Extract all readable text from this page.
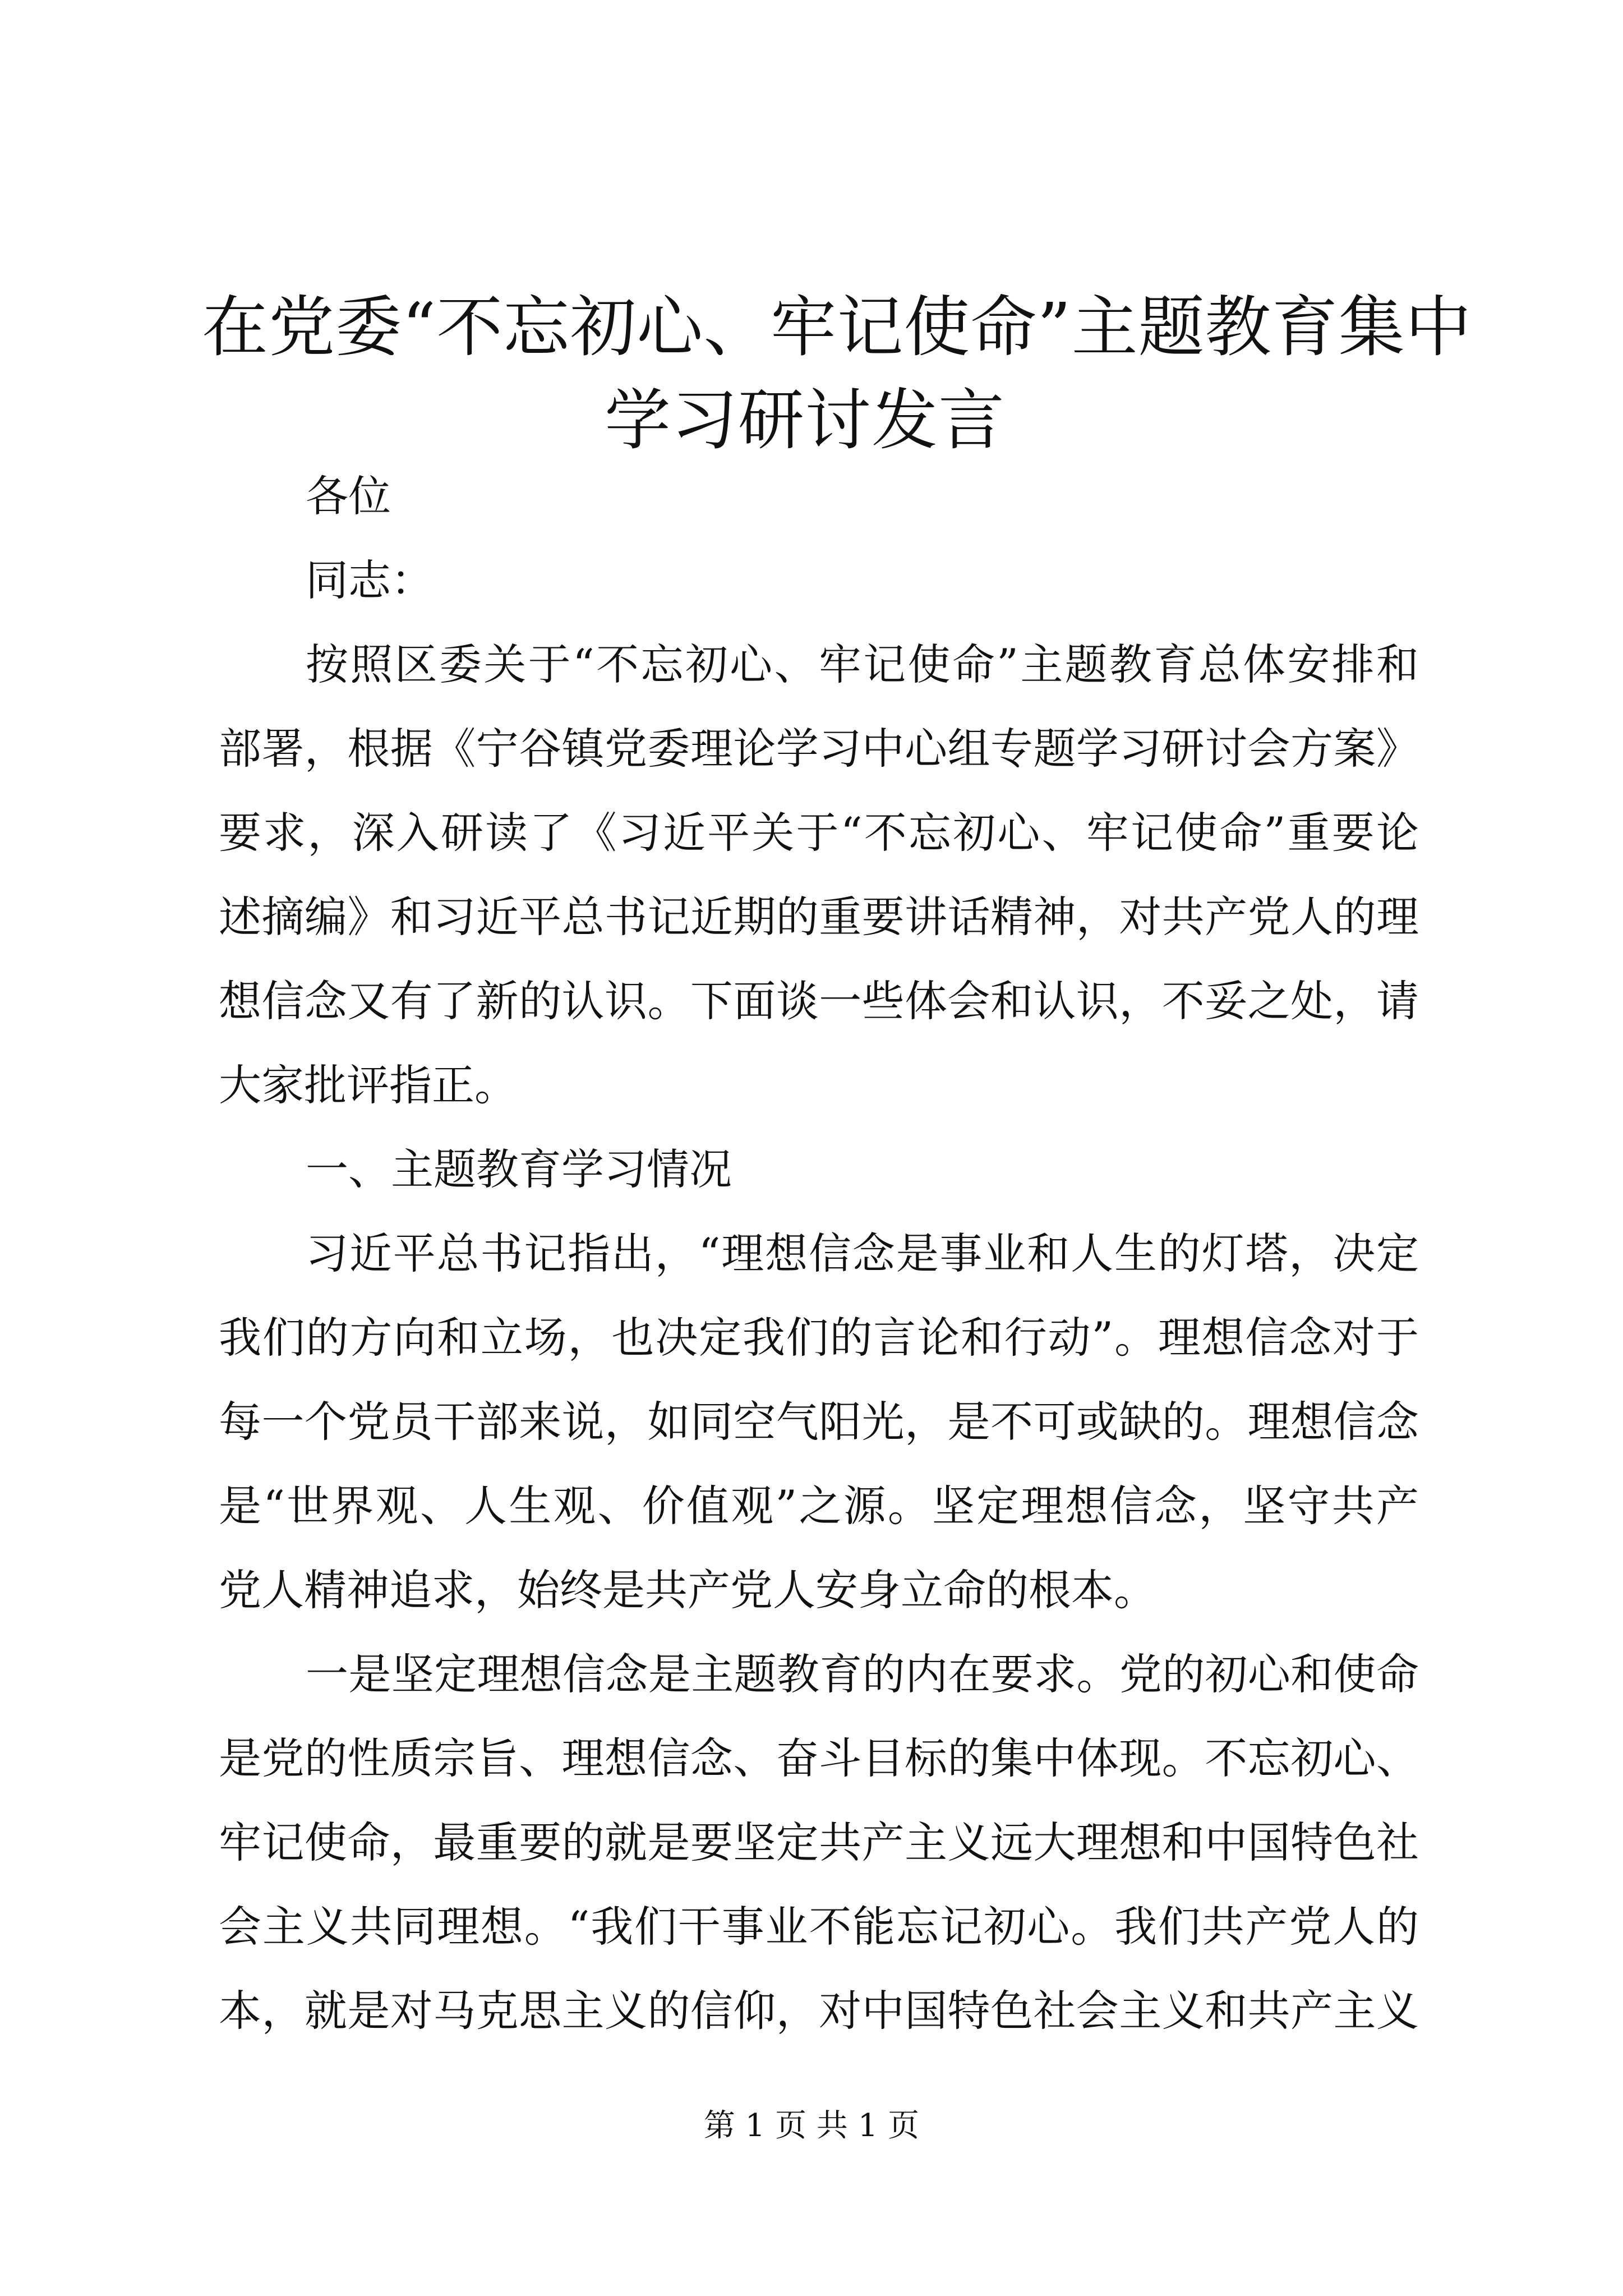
在党委“不忘初心、牢记使命”主题教育集中
学习研讨发言
各位
同志：
按照区委关于“不忘初心、牢记使命”主题教育总体安排和
部署，根据《宁谷镇党委理论学习中心组专题学习研讨会方案》
要求，深入研读了《习近平关于“不忘初心、牢记使命”重要论
述摘编》和习近平总书记近期的重要讲话精神，对共产党人的理
想信念又有了新的认识。下面谈一些体会和认识，不妥之处，请
大家批评指正。
一、主题教育学习情况
习近平总书记指出，“理想信念是事业和人生的灯塔，决定
我们的方向和立场，也决定我们的言论和行动”。理想信念对于
每一个党员干部来说，如同空气阳光，是不可或缺的。理想信念
是“世界观、人生观、价值观”之源。坚定理想信念，坚守共产
党人精神追求，始终是共产党人安身立命的根本。
一是坚定理想信念是主题教育的内在要求。党的初心和使命
是党的性质宗旨、理想信念、奋斗目标的集中体现。不忘初心、
牢记使命，最重要的就是要坚定共产主义远大理想和中国特色社
会主义共同理想。“我们干事业不能忘记初心。我们共产党人的
本，就是对马克思主义的信仰，对中国特色社会主义和共产主义
第 1 页 共 1 页
